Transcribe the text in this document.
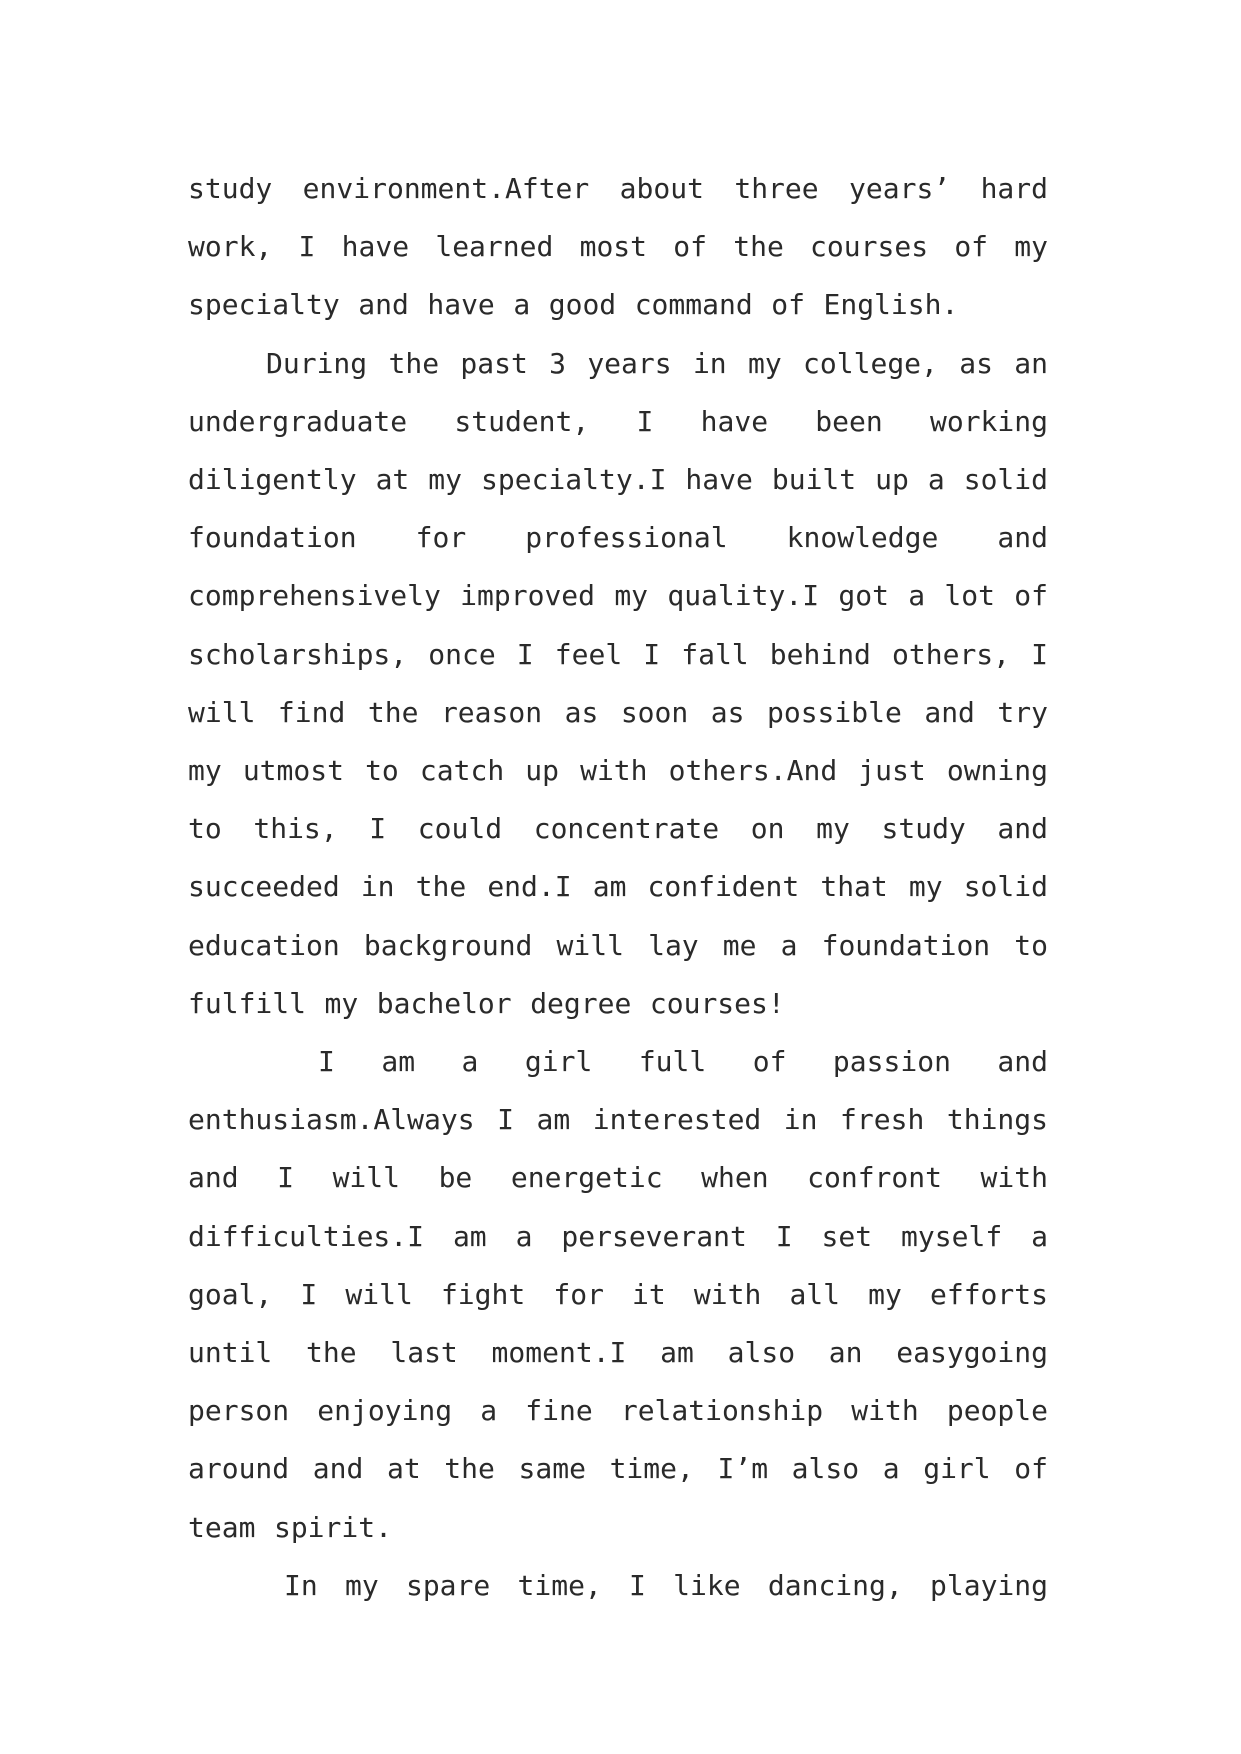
study environment.After about three years’ hard work, I have learned most of the courses of my specialty and have a good command of English.

During the past 3 years in my college, as an undergraduate student, I have been working diligently at my specialty.I have built up a solid foundation for professional knowledge and comprehensively improved my quality.I got a lot of scholarships, once I feel I fall behind others, I will find the reason as soon as possible and try my utmost to catch up with others.And just owning to this, I could concentrate on my study and succeeded in the end.I am confident that my solid education background will lay me a foundation to fulfill my bachelor degree courses!

I am a girl full of passion and enthusiasm.Always I am interested in fresh things and I will be energetic when confront with difficulties.I am a perseverant I set myself a goal, I will fight for it with all my efforts until the last moment.I am also an easygoing person enjoying a fine relationship with people around and at the same time, I’m also a girl of team spirit.

In my spare time, I like dancing, playing
